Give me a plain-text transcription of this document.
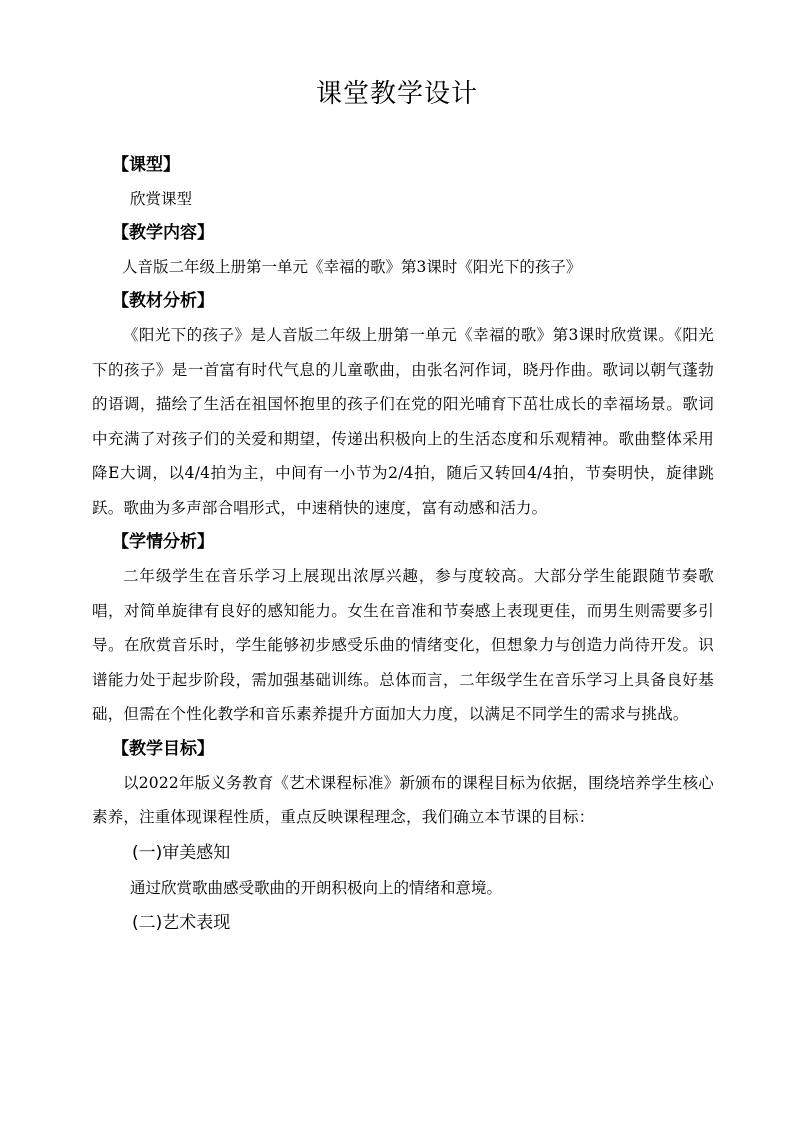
课堂教学设计
【课型】
欣赏课型
【教学内容】
人音版二年级上册第一单元《幸福的歌》第3课时《阳光下的孩子》
【教材分析】

《阳光下的孩子》是人音版二年级上册第一单元《幸福的歌》第3课时欣赏课。《阳光下的孩子》是一首富有时代气息的儿童歌曲，由张名河作词，晓丹作曲。歌词以朝气蓬勃的语调，描绘了生活在祖国怀抱里的孩子们在党的阳光哺育下茁壮成长的幸福场景。歌词中充满了对孩子们的关爱和期望，传递出积极向上的生活态度和乐观精神。歌曲整体采用降E大调，以4/4拍为主，中间有一小节为2/4拍，随后又转回4/4拍，节奏明快，旋律跳跃。歌曲为多声部合唱形式，中速稍快的速度，富有动感和活力。

【学情分析】

二年级学生在音乐学习上展现出浓厚兴趣，参与度较高。大部分学生能跟随节奏歌唱，对简单旋律有良好的感知能力。女生在音准和节奏感上表现更佳，而男生则需要多引导。在欣赏音乐时，学生能够初步感受乐曲的情绪变化，但想象力与创造力尚待开发。识谱能力处于起步阶段，需加强基础训练。总体而言，二年级学生在音乐学习上具备良好基础，但需在个性化教学和音乐素养提升方面加大力度，以满足不同学生的需求与挑战。

【教学目标】

以2022年版义务教育《艺术课程标准》新颁布的课程目标为依据，围绕培养学生核心素养，注重体现课程性质，重点反映课程理念，我们确立本节课的目标：

(一)审美感知
通过欣赏歌曲感受歌曲的开朗积极向上的情绪和意境。
(二)艺术表现
